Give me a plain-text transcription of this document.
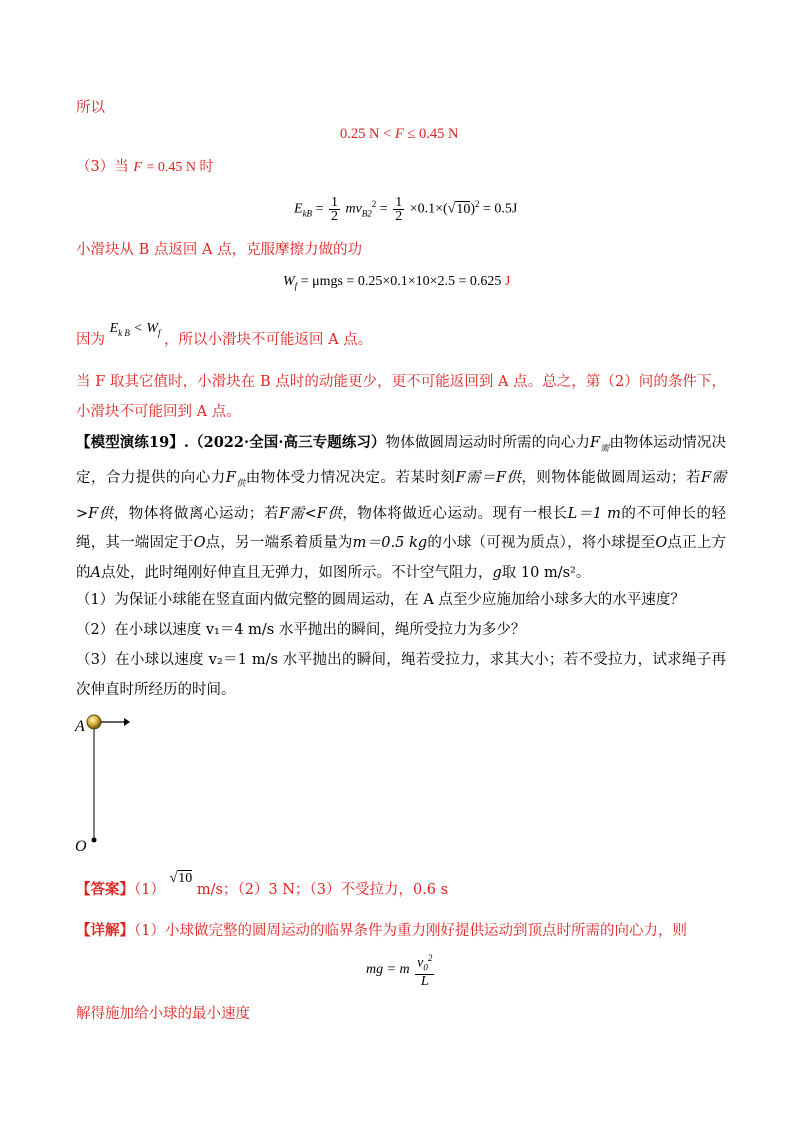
所以
0.25 N < F ≤ 0.45 N
（3）当 F = 0.45 N 时
$E_{kB} = \frac{1}{2} mv_{B2}^2 = \frac{1}{2} \times 0.1\times(√10)^2 = 0.5J$
小滑块从 B 点返回 A 点，克服摩擦力做的功
$W_f = \mu mgs = 0.25\times 0.1\times 10\times 2.5 = 0.625$ J
因为 $E_{k B} < W_f$ ，所以小滑块不可能返回 A 点。
当 F 取其它值时，小滑块在 B 点时的动能更少，更不可能返回到 A 点。总之，第（2）问的条件下，小滑块不可能回到 A 点。
【模型演练19】.（2022·全国·高三专题练习）物体做圆周运动时所需的向心力$F_需$由物体运动情况决定，合力提供的向心力$F_供$由物体受力情况决定。若某时刻F需＝F供，则物体能做圆周运动；若F需>F供，物体将做离心运动；若F需<F供，物体将做近心运动。现有一根长L＝1 m的不可伸长的轻绳，其一端固定于O点，另一端系着质量为m＝0.5 kg的小球（可视为质点），将小球提至O点正上方的A点处，此时绳刚好伸直且无弹力，如图所示。不计空气阻力，g取 10 m/s²。
（1）为保证小球能在竖直面内做完整的圆周运动，在 A 点至少应施加给小球多大的水平速度？
（2）在小球以速度 v₁＝4 m/s 水平抛出的瞬间，绳所受拉力为多少？
（3）在小球以速度 v₂＝1 m/s 水平抛出的瞬间，绳若受拉力，求其大小；若不受拉力，试求绳子再次伸直时所经历的时间。
A
O
【答案】（1） √10 m/s；（2）3 N；（3）不受拉力，0.6 s
【详解】（1）小球做完整的圆周运动的临界条件为重力刚好提供运动到顶点时所需的向心力，则
mg = m $\frac{v_0^2}{L}$
解得施加给小球的最小速度
